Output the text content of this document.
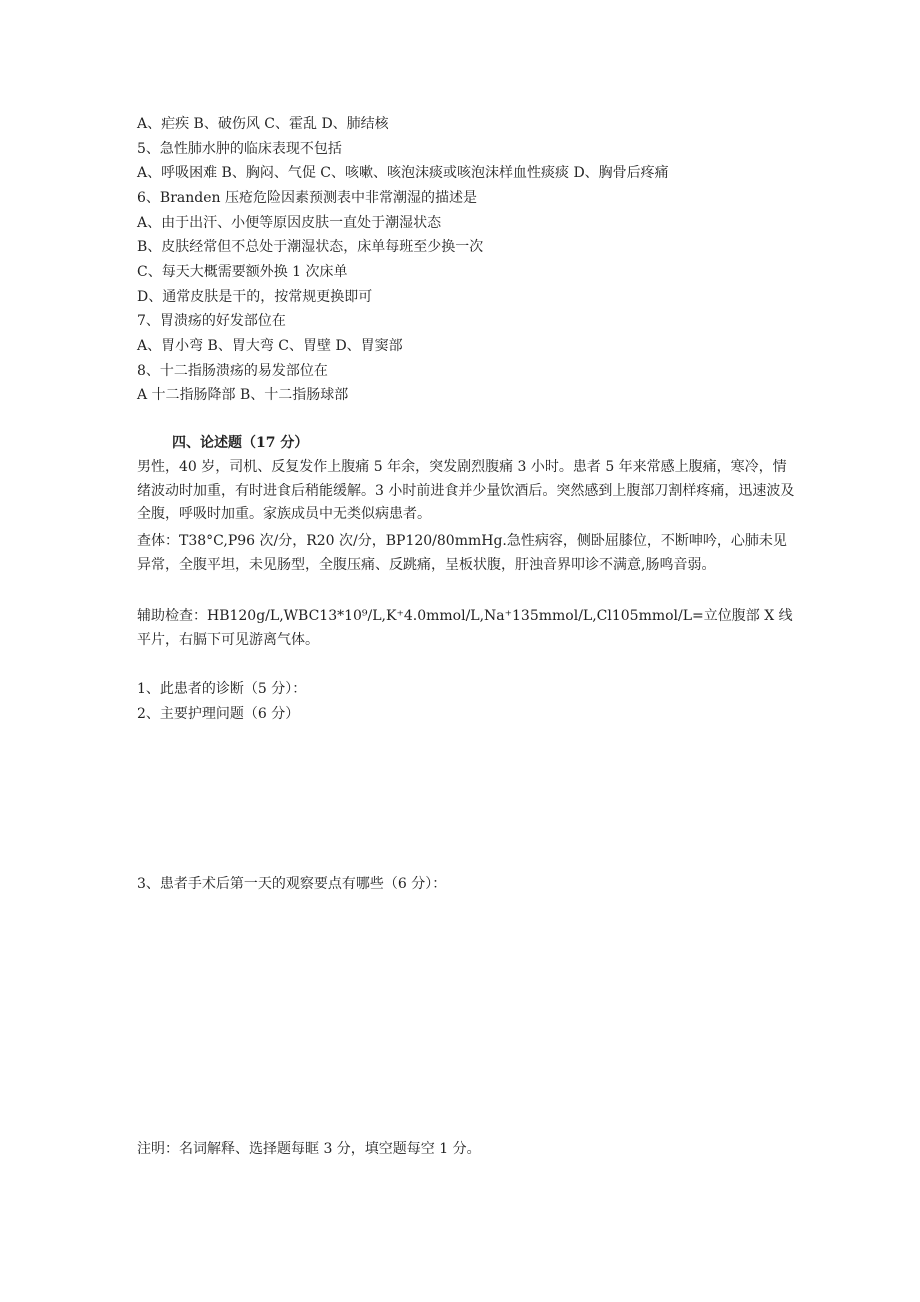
A、疟疾 B、破伤风 C、霍乱 D、肺结核
5、急性肺水肿的临床表现不包括
A、呼吸困难 B、胸闷、气促 C、咳嗽、咳泡沫痰或咳泡沫样血性痰痰 D、胸骨后疼痛
6、Branden 压疮危险因素预测表中非常潮湿的描述是
A、由于出汗、小便等原因皮肤一直处于潮湿状态
B、皮肤经常但不总处于潮湿状态，床单每班至少换一次
C、每天大概需要额外换 1 次床单
D、通常皮肤是干的，按常规更换即可
7、胃溃疡的好发部位在
A、胃小弯 B、胃大弯 C、胃壁 D、胃窦部
8、十二指肠溃疡的易发部位在
A 十二指肠降部 B、十二指肠球部
四、论述题（17 分）

男性，40 岁，司机、反复发作上腹痛 5 年余，突发剧烈腹痛 3 小时。患者 5 年来常感上腹痛，寒冷，情绪波动时加重，有时进食后稍能缓解。3 小时前进食并少量饮酒后。突然感到上腹部刀割样疼痛，迅速波及全腹，呼吸时加重。家族成员中无类似病患者。

查体：T38°C,P96 次/分，R20 次/分，BP120/80mmHg.急性病容，侧卧屈膝位，不断呻吟，心肺未见异常，全腹平坦，未见肠型，全腹压痛、反跳痛，呈板状腹，肝浊音界叩诊不满意,肠鸣音弱。

辅助检查：HB120g/L,WBC13*10⁹/L,K⁺4.0mmol/L,Na⁺135mmol/L,Cl105mmol/L=立位腹部 X 线平片，右膈下可见游离气体。

1、此患者的诊断（5 分）：
2、主要护理问题（6 分）
3、患者手术后第一天的观察要点有哪些（6 分）：
注明：名词解释、选择题每眶 3 分，填空题每空 1 分。
